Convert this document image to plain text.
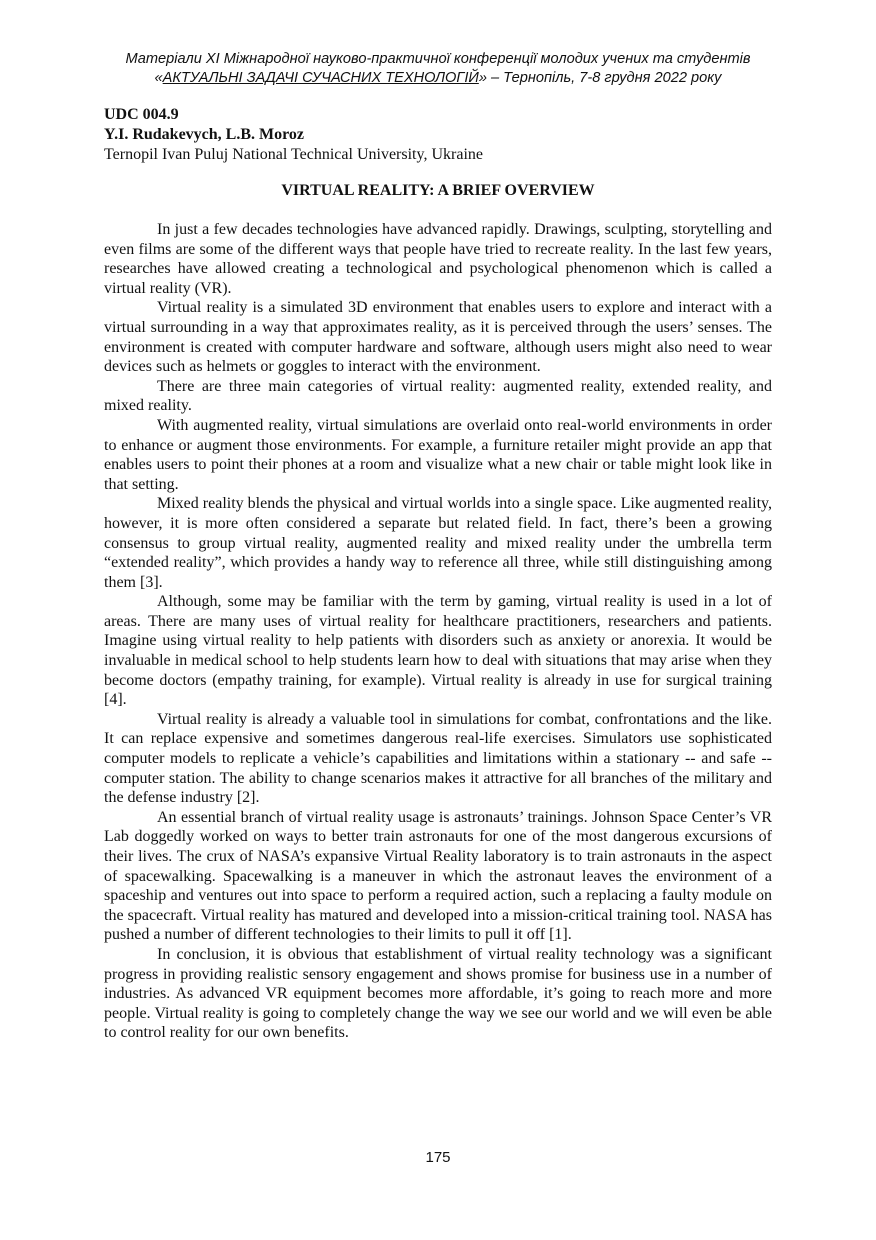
Матеріали XI Міжнародної науково-практичної конференції молодих учених та студентів
«АКТУАЛЬНІ ЗАДАЧІ СУЧАСНИХ ТЕХНОЛОГІЙ» – Тернопіль, 7-8 грудня 2022 року
UDC 004.9
Y.I. Rudakevych, L.B. Moroz
Ternopil Ivan Puluj National Technical University, Ukraine
VIRTUAL REALITY: A BRIEF OVERVIEW

In just a few decades technologies have advanced rapidly. Drawings, sculpting, storytelling and even films are some of the different ways that people have tried to recreate reality. In the last few years, researches have allowed creating a technological and psychological phenomenon which is called a virtual reality (VR).

Virtual reality is a simulated 3D environment that enables users to explore and interact with a virtual surrounding in a way that approximates reality, as it is perceived through the users’ senses. The environment is created with computer hardware and software, although users might also need to wear devices such as helmets or goggles to interact with the environment.

There are three main categories of virtual reality: augmented reality, extended reality, and mixed reality.

With augmented reality, virtual simulations are overlaid onto real-world environments in order to enhance or augment those environments. For example, a furniture retailer might provide an app that enables users to point their phones at a room and visualize what a new chair or table might look like in that setting.

Mixed reality blends the physical and virtual worlds into a single space. Like augmented reality, however, it is more often considered a separate but related field. In fact, there’s been a growing consensus to group virtual reality, augmented reality and mixed reality under the umbrella term “extended reality”, which provides a handy way to reference all three, while still distinguishing among them [3].

Although, some may be familiar with the term by gaming, virtual reality is used in a lot of areas. There are many uses of virtual reality for healthcare practitioners, researchers and patients. Imagine using virtual reality to help patients with disorders such as anxiety or anorexia. It would be invaluable in medical school to help students learn how to deal with situations that may arise when they become doctors (empathy training, for example). Virtual reality is already in use for surgical training [4].

Virtual reality is already a valuable tool in simulations for combat, confrontations and the like. It can replace expensive and sometimes dangerous real-life exercises. Simulators use sophisticated computer models to replicate a vehicle’s capabilities and limitations within a stationary -- and safe -- computer station. The ability to change scenarios makes it attractive for all branches of the military and the defense industry [2].

An essential branch of virtual reality usage is astronauts’ trainings. Johnson Space Center’s VR Lab doggedly worked on ways to better train astronauts for one of the most dangerous excursions of their lives. The crux of NASA’s expansive Virtual Reality laboratory is to train astronauts in the aspect of spacewalking. Spacewalking is a maneuver in which the astronaut leaves the environment of a spaceship and ventures out into space to perform a required action, such a replacing a faulty module on the spacecraft. Virtual reality has matured and developed into a mission-critical training tool. NASA has pushed a number of different technologies to their limits to pull it off [1].

In conclusion, it is obvious that establishment of virtual reality technology was a significant progress in providing realistic sensory engagement and shows promise for business use in a number of industries. As advanced VR equipment becomes more affordable, it’s going to reach more and more people. Virtual reality is going to completely change the way we see our world and we will even be able to control reality for our own benefits.

175
